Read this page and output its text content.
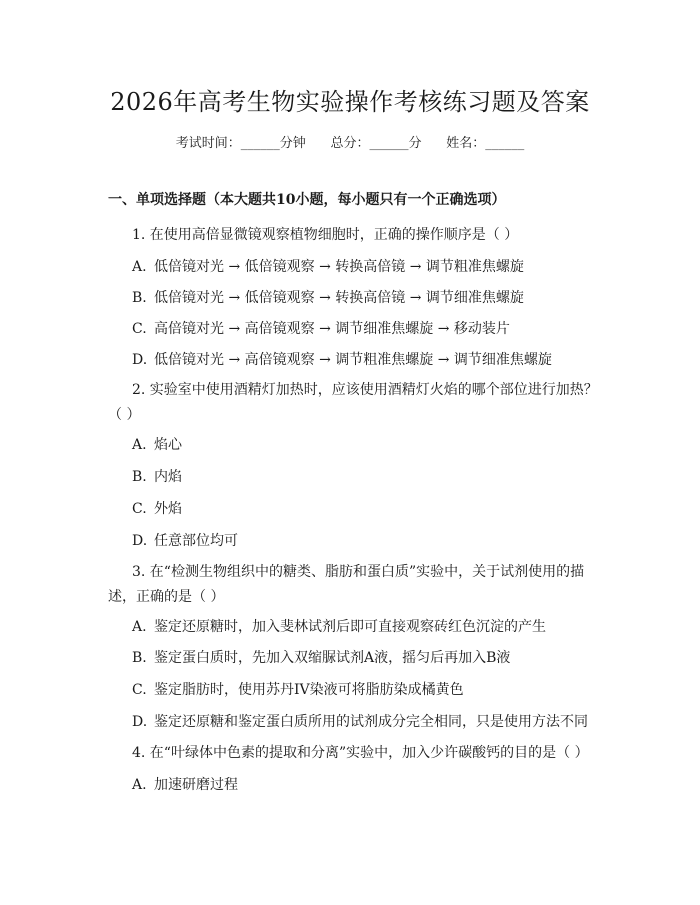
2026年高考生物实验操作考核练习题及答案
考试时间：______分钟      总分：______分      姓名：______
一、单项选择题（本大题共10小题，每小题只有一个正确选项）
1. 在使用高倍显微镜观察植物细胞时，正确的操作顺序是（ ）
A. 低倍镜对光 → 低倍镜观察 → 转换高倍镜 → 调节粗准焦螺旋
B. 低倍镜对光 → 低倍镜观察 → 转换高倍镜 → 调节细准焦螺旋
C. 高倍镜对光 → 高倍镜观察 → 调节细准焦螺旋 → 移动装片
D. 低倍镜对光 → 高倍镜观察 → 调节粗准焦螺旋 → 调节细准焦螺旋
2. 实验室中使用酒精灯加热时，应该使用酒精灯火焰的哪个部位进行加热？（ ）
A. 焰心
B. 内焰
C. 外焰
D. 任意部位均可
3. 在“检测生物组织中的糖类、脂肪和蛋白质”实验中，关于试剂使用的描述，正确的是（ ）
A. 鉴定还原糖时，加入斐林试剂后即可直接观察砖红色沉淀的产生
B. 鉴定蛋白质时，先加入双缩脲试剂A液，摇匀后再加入B液
C. 鉴定脂肪时，使用苏丹IV染液可将脂肪染成橘黄色
D. 鉴定还原糖和鉴定蛋白质所用的试剂成分完全相同，只是使用方法不同
4. 在“叶绿体中色素的提取和分离”实验中，加入少许碳酸钙的目的是（ ）
A. 加速研磨过程
